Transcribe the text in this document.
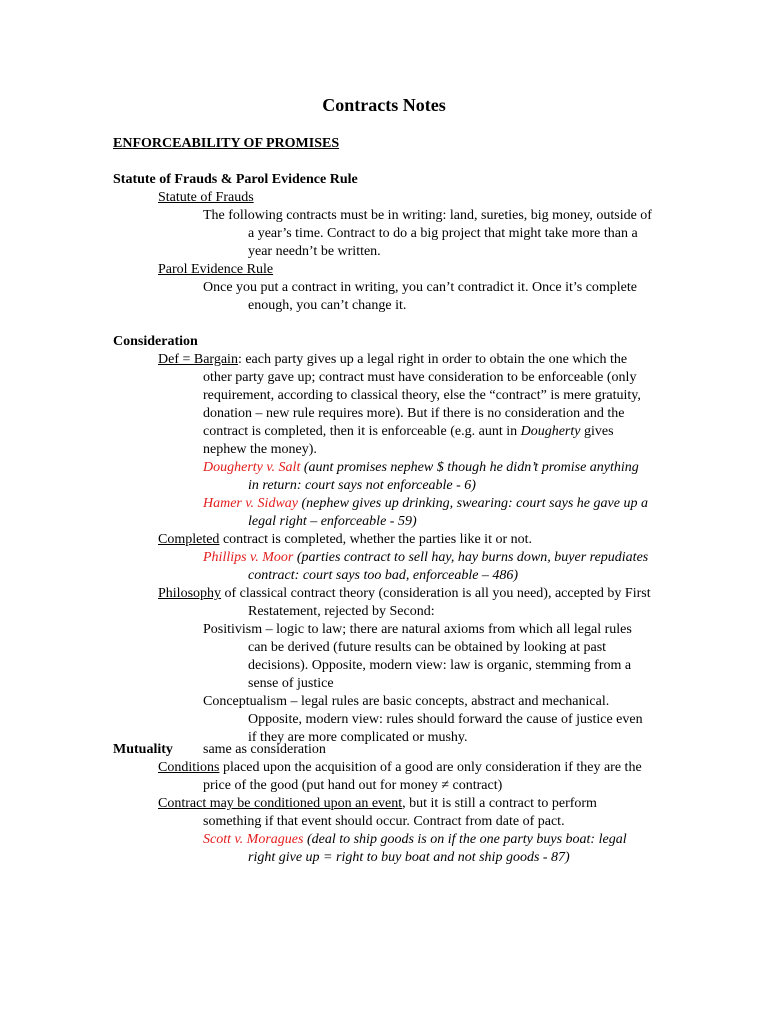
Contracts Notes
ENFORCEABILITY OF PROMISES

Statute of Frauds & Parol Evidence Rule

Statute of Frauds

The following contracts must be in writing: land, sureties, big money, outside of a year’s time. Contract to do a big project that might take more than a year needn’t be written.

Parol Evidence Rule

Once you put a contract in writing, you can’t contradict it. Once it’s complete enough, you can’t change it.

Consideration

Def = Bargain: each party gives up a legal right in order to obtain the one which the other party gave up; contract must have consideration to be enforceable (only requirement, according to classical theory, else the “contract” is mere gratuity, donation – new rule requires more). But if there is no consideration and the contract is completed, then it is enforceable (e.g. aunt in Dougherty gives nephew the money).

Dougherty v. Salt (aunt promises nephew $ though he didn’t promise anything in return: court says not enforceable - 6)

Hamer v. Sidway (nephew gives up drinking, swearing: court says he gave up a legal right – enforceable - 59)

Completed contract is completed, whether the parties like it or not.

Phillips v. Moor (parties contract to sell hay, hay burns down, buyer repudiates contract: court says too bad, enforceable – 486)

Philosophy of classical contract theory (consideration is all you need), accepted by First Restatement, rejected by Second:

Positivism – logic to law; there are natural axioms from which all legal rules can be derived (future results can be obtained by looking at past decisions). Opposite, modern view: law is organic, stemming from a sense of justice

Conceptualism – legal rules are basic concepts, abstract and mechanical. Opposite, modern view: rules should forward the cause of justice even if they are more complicated or mushy.

Mutuality same as consideration

Conditions placed upon the acquisition of a good are only consideration if they are the price of the good (put hand out for money ≠ contract)

Contract may be conditioned upon an event, but it is still a contract to perform something if that event should occur. Contract from date of pact.

Scott v. Moragues (deal to ship goods is on if the one party buys boat: legal right give up = right to buy boat and not ship goods - 87)
